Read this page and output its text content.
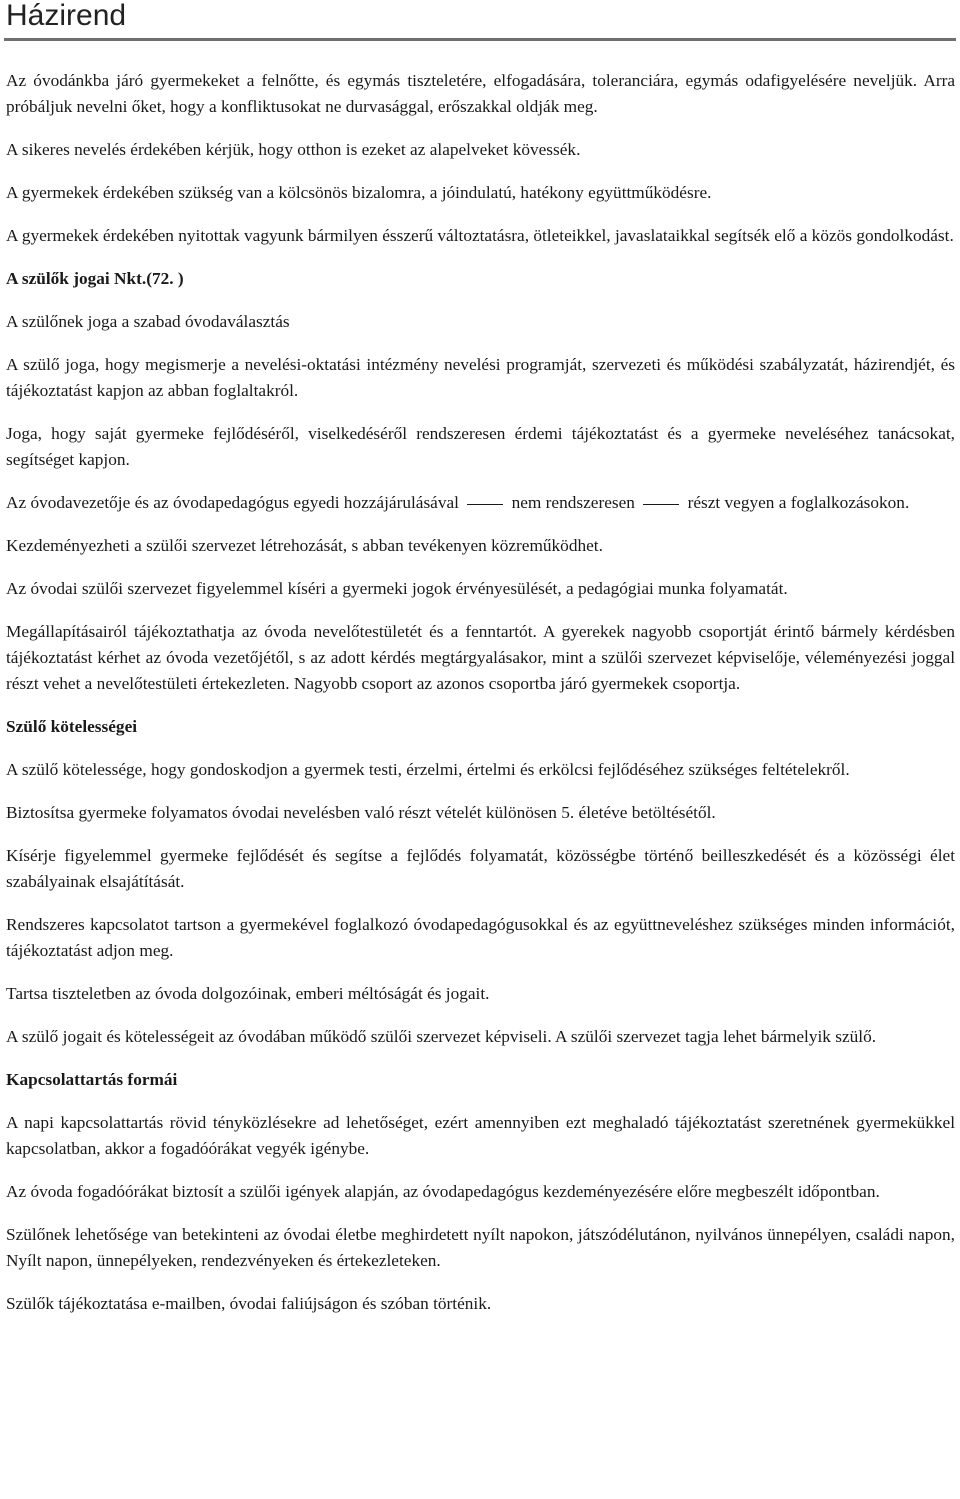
Házirend

Az óvodánkba járó gyermekeket a felnőtte, és egymás tiszteletére, elfogadására, toleranciára, egymás odafigyelésére neveljük. Arra próbáljuk nevelni őket, hogy a konfliktusokat ne durvasággal, erőszakkal oldják meg.

A sikeres nevelés érdekében kérjük, hogy otthon is ezeket az alapelveket kövessék.

A gyermekek érdekében szükség van a kölcsönös bizalomra, a jóindulatú, hatékony együttműködésre.

A gyermekek érdekében nyitottak vagyunk bármilyen ésszerű változtatásra, ötleteikkel, javaslataikkal segítsék elő a közös gondolkodást.

A szülők jogai Nkt.(72. )

A szülőnek joga a szabad óvodaválasztás

A szülő joga, hogy megismerje a nevelési-oktatási intézmény nevelési programját, szervezeti és működési szabályzatát, házirendjét, és tájékoztatást kapjon az abban foglaltakról.

Joga, hogy saját gyermeke fejlődéséről, viselkedéséről rendszeresen érdemi tájékoztatást és a gyermeke neveléséhez tanácsokat, segítséget kapjon.

Az óvodavezetője és az óvodapedagógus egyedi hozzájárulásával	nem rendszeresen	részt vegyen a foglalkozásokon.

Kezdeményezheti a szülői szervezet létrehozását, s abban tevékenyen közreműködhet.

Az óvodai szülői szervezet figyelemmel kíséri a gyermeki jogok érvényesülését, a pedagógiai munka folyamatát.

Megállapításairól tájékoztathatja az óvoda nevelőtestületét és a fenntartót. A gyerekek nagyobb csoportját érintő bármely kérdésben tájékoztatást kérhet az óvoda vezetőjétől, s az adott kérdés megtárgyalásakor, mint a szülői szervezet képviselője, véleményezési joggal részt vehet a nevelőtestületi értekezleten. Nagyobb csoport az azonos csoportba járó gyermekek csoportja.

Szülő kötelességei

A szülő kötelessége, hogy gondoskodjon a gyermek testi, érzelmi, értelmi és erkölcsi fejlődéséhez szükséges feltételekről.

Biztosítsa gyermeke folyamatos óvodai nevelésben való részt vételét különösen 5. életéve betöltésétől.

Kísérje figyelemmel gyermeke fejlődését és segítse a fejlődés folyamatát, közösségbe történő beilleszkedését és a közösségi élet szabályainak elsajátítását.

Rendszeres kapcsolatot tartson a gyermekével foglalkozó óvodapedagógusokkal és az együttneveléshez szükséges minden információt, tájékoztatást adjon meg.

Tartsa tiszteletben az óvoda dolgozóinak, emberi méltóságát és jogait.

A szülő jogait és kötelességeit az óvodában működő szülői szervezet képviseli. A szülői szervezet tagja lehet bármelyik szülő.

Kapcsolattartás formái

A napi kapcsolattartás rövid tényközlésekre ad lehetőséget, ezért amennyiben ezt meghaladó tájékoztatást szeretnének gyermekükkel kapcsolatban, akkor a fogadóórákat vegyék igénybe.

Az óvoda fogadóórákat biztosít a szülői igények alapján, az óvodapedagógus kezdeményezésére előre megbeszélt időpontban.

Szülőnek lehetősége van betekinteni az óvodai életbe meghirdetett nyílt napokon, játszódélutánon, nyilvános ünnepélyen, családi napon, Nyílt napon, ünnepélyeken, rendezvényeken és értekezleteken.

Szülők tájékoztatása e-mailben, óvodai faliújságon és szóban történik.
